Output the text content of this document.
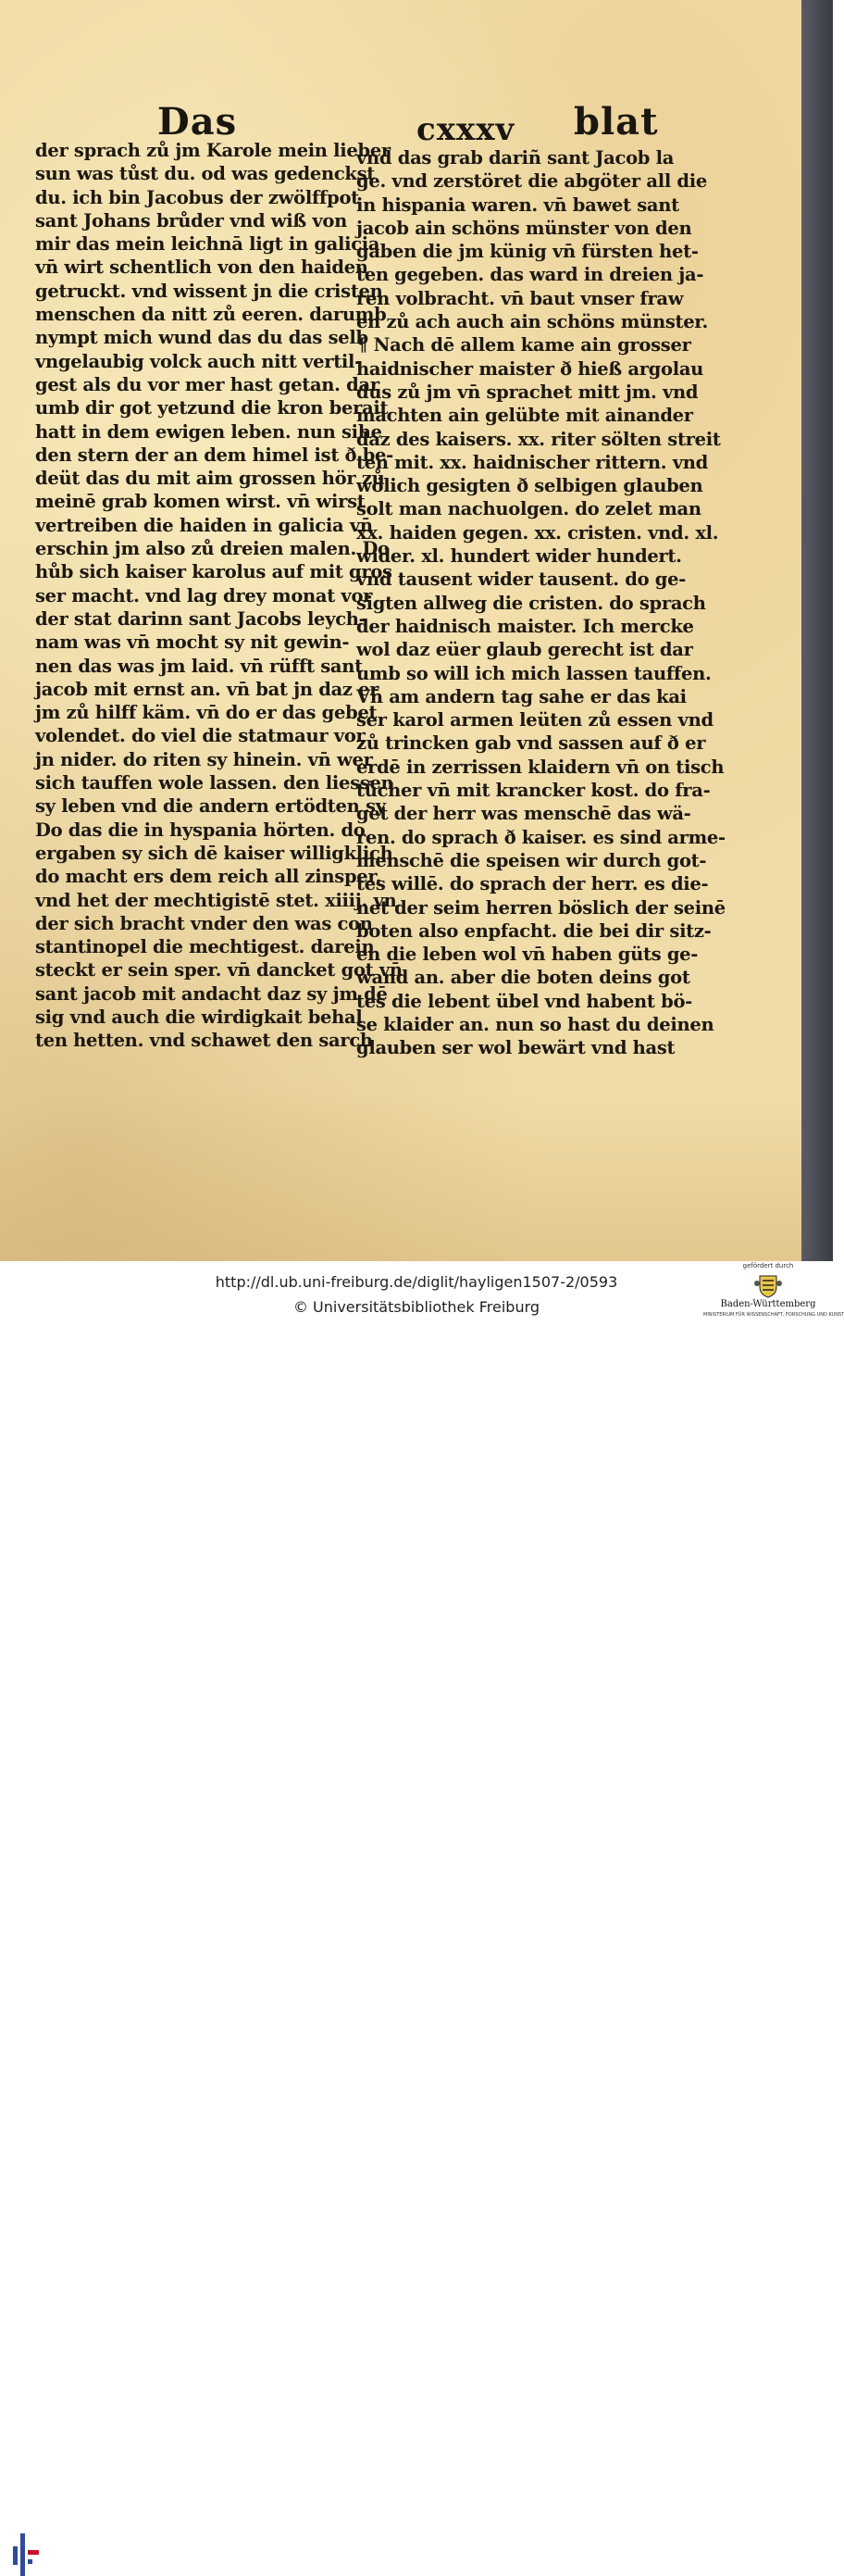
Das	cxxxv blat
der sprach zů jm Karole mein lieber
sun was tůst du. od was gedenckst
du. ich bin Jacobus der zwölffpot
sant Johans brůder vnd wiß von
mir das mein leichnā ligt in galicia
vn̄ wirt schentlich von den haiden
getruckt. vnd wissent jn die cristen
menschen da nitt zů eeren. darumb
nympt mich wund das du das selb
vngelaubig volck auch nitt vertil-
gest als du vor mer hast getan. dar
umb dir got yetzund die kron berait
hatt in dem ewigen leben. nun sihe
den stern der an dem himel ist ð be-
deüt das du mit aim grossen hör zů
meinē grab komen wirst. vn̄ wirst
vertreiben die haiden in galicia vn̄
erschin jm also zů dreien malen. Do
hůb sich kaiser karolus auf mit gros
ser macht. vnd lag drey monat vor
der stat darinn sant Jacobs leych-
nam was vn̄ mocht sy nit gewin-
nen das was jm laid. vn̄ rüfft sant
jacob mit ernst an. vn̄ bat jn daz er
jm zů hilff käm. vn̄ do er das gebet
volendet. do viel die statmaur vor
jn nider. do riten sy hinein. vn̄ wer
sich tauffen wole lassen. den liessen
sy leben vnd die andern ertödten sy
Do das die in hyspania hörten. do
ergaben sy sich dē kaiser willigklich
do macht ers dem reich all zinsper.
vnd het der mechtigistē stet. xiiij. vn
der sich bracht vnder den was con
stantinopel die mechtigest. darein
steckt er sein sper. vn̄ dancket got vn̄
sant jacob mit andacht daz sy jm dē
sig vnd auch die wirdigkait behal
ten hetten. vnd schawet den sarch
vnd das grab dariñ sant Jacob la
ge. vnd zerstöret die abgöter all die
in hispania waren. vn̄ bawet sant
jacob ain schöns münster von den
gaben die jm künig vn̄ fürsten het-
ten gegeben. das ward in dreien ja-
ren volbracht. vn̄ baut vnser fraw
en zů ach auch ain schöns münster.
¶ Nach dē allem kame ain grosser
haidnischer maister ð hieß argolau
dus zů jm vn̄ sprachet mitt jm. vnd
machten ain gelübte mit ainander
daz des kaisers. xx. riter sölten streit
ten mit. xx. haidnischer rittern. vnd
wölich gesigten ð selbigen glauben
solt man nachuolgen. do zelet man
xx. haiden gegen. xx. cristen. vnd. xl.
wider. xl. hundert wider hundert.
vnd tausent wider tausent. do ge-
sigten allweg die cristen. do sprach
der haidnisch maister. Ich mercke
wol daz eüer glaub gerecht ist dar
umb so will ich mich lassen tauffen.
Vn̄ am andern tag sahe er das kai
ser karol armen leüten zů essen vnd
zů trincken gab vnd sassen auf ð er
erdē in zerrissen klaidern vn̄ on tisch
tůcher vn̄ mit krancker kost. do fra-
get der herr was menschē das wä-
ren. do sprach ð kaiser. es sind arme-
menschē die speisen wir durch got-
tes willē. do sprach der herr. es die-
net der seim herren böslich der seinē
boten also enpfacht. die bei dir sitz-
en die leben wol vn̄ haben güts ge-
wand an. aber die boten deins got
tes die lebent übel vnd habent bö-
se klaider an. nun so hast du deinen
glauben ser wol bewärt vnd hast
http://dl.ub.uni-freiburg.de/diglit/hayligen1507-2/0593
© Universitätsbibliothek Freiburg
gefördert durch
Baden-Württemberg
MINISTERIUM FÜR WISSENSCHAFT, FORSCHUNG UND KUNST
